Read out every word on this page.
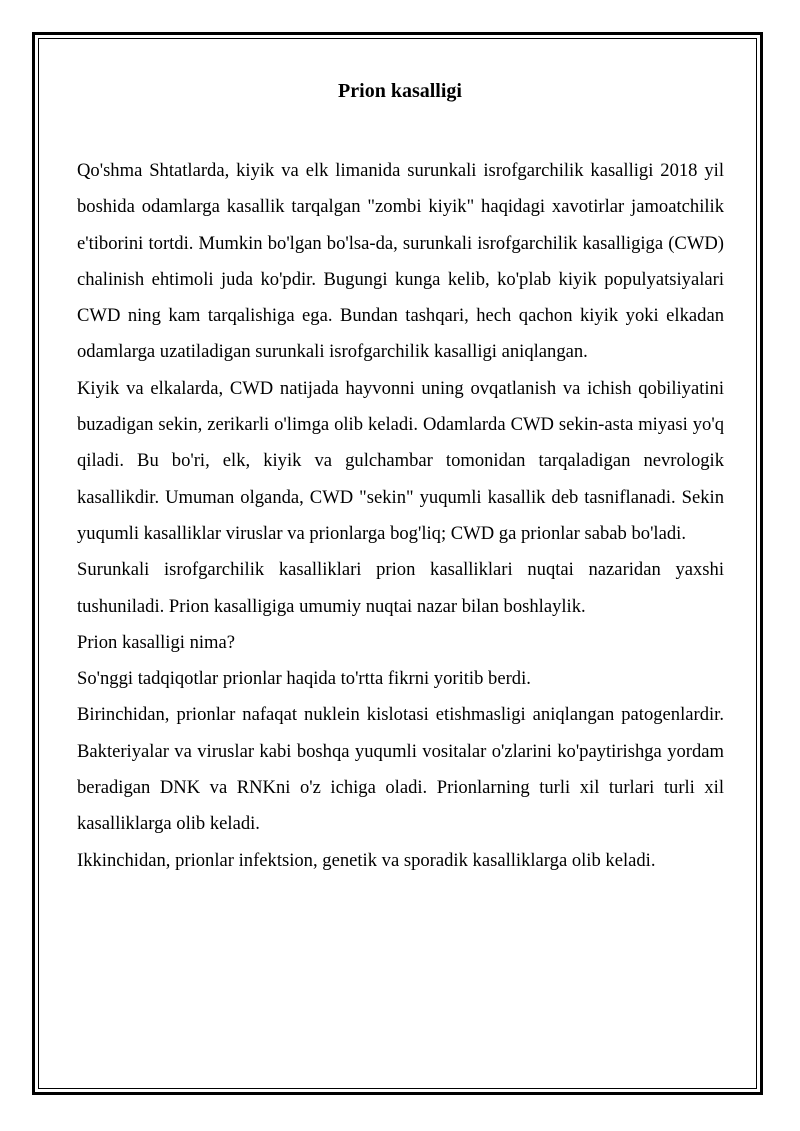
Prion kasalligi

Qo'shma Shtatlarda, kiyik va elk limanida surunkali isrofgarchilik kasalligi 2018 yil boshida odamlarga kasallik tarqalgan "zombi kiyik" haqidagi xavotirlar jamoatchilik e'tiborini tortdi. Mumkin bo'lgan bo'lsa-da, surunkali isrofgarchilik kasalligiga (CWD) chalinish ehtimoli juda ko'pdir. Bugungi kunga kelib, ko'plab kiyik populyatsiyalari CWD ning kam tarqalishiga ega. Bundan tashqari, hech qachon kiyik yoki elkadan odamlarga uzatiladigan surunkali isrofgarchilik kasalligi aniqlangan.

Kiyik va elkalarda, CWD natijada hayvonni uning ovqatlanish va ichish qobiliyatini buzadigan sekin, zerikarli o'limga olib keladi. Odamlarda CWD sekin-asta miyasi yo'q qiladi. Bu bo'ri, elk, kiyik va gulchambar tomonidan tarqaladigan nevrologik kasallikdir. Umuman olganda, CWD "sekin" yuqumli kasallik deb tasniflanadi. Sekin yuqumli kasalliklar viruslar va prionlarga bog'liq; CWD ga prionlar sabab bo'ladi.

Surunkali isrofgarchilik kasalliklari prion kasalliklari nuqtai nazaridan yaxshi tushuniladi. Prion kasalligiga umumiy nuqtai nazar bilan boshlaylik.

Prion kasalligi nima?

So'nggi tadqiqotlar prionlar haqida to'rtta fikrni yoritib berdi.

Birinchidan, prionlar nafaqat nuklein kislotasi etishmasligi aniqlangan patogenlardir. Bakteriyalar va viruslar kabi boshqa yuqumli vositalar o'zlarini ko'paytirishga yordam beradigan DNK va RNKni o'z ichiga oladi. Prionlarning turli xil turlari turli xil kasalliklarga olib keladi.

Ikkinchidan, prionlar infektsion, genetik va sporadik kasalliklarga olib keladi.
